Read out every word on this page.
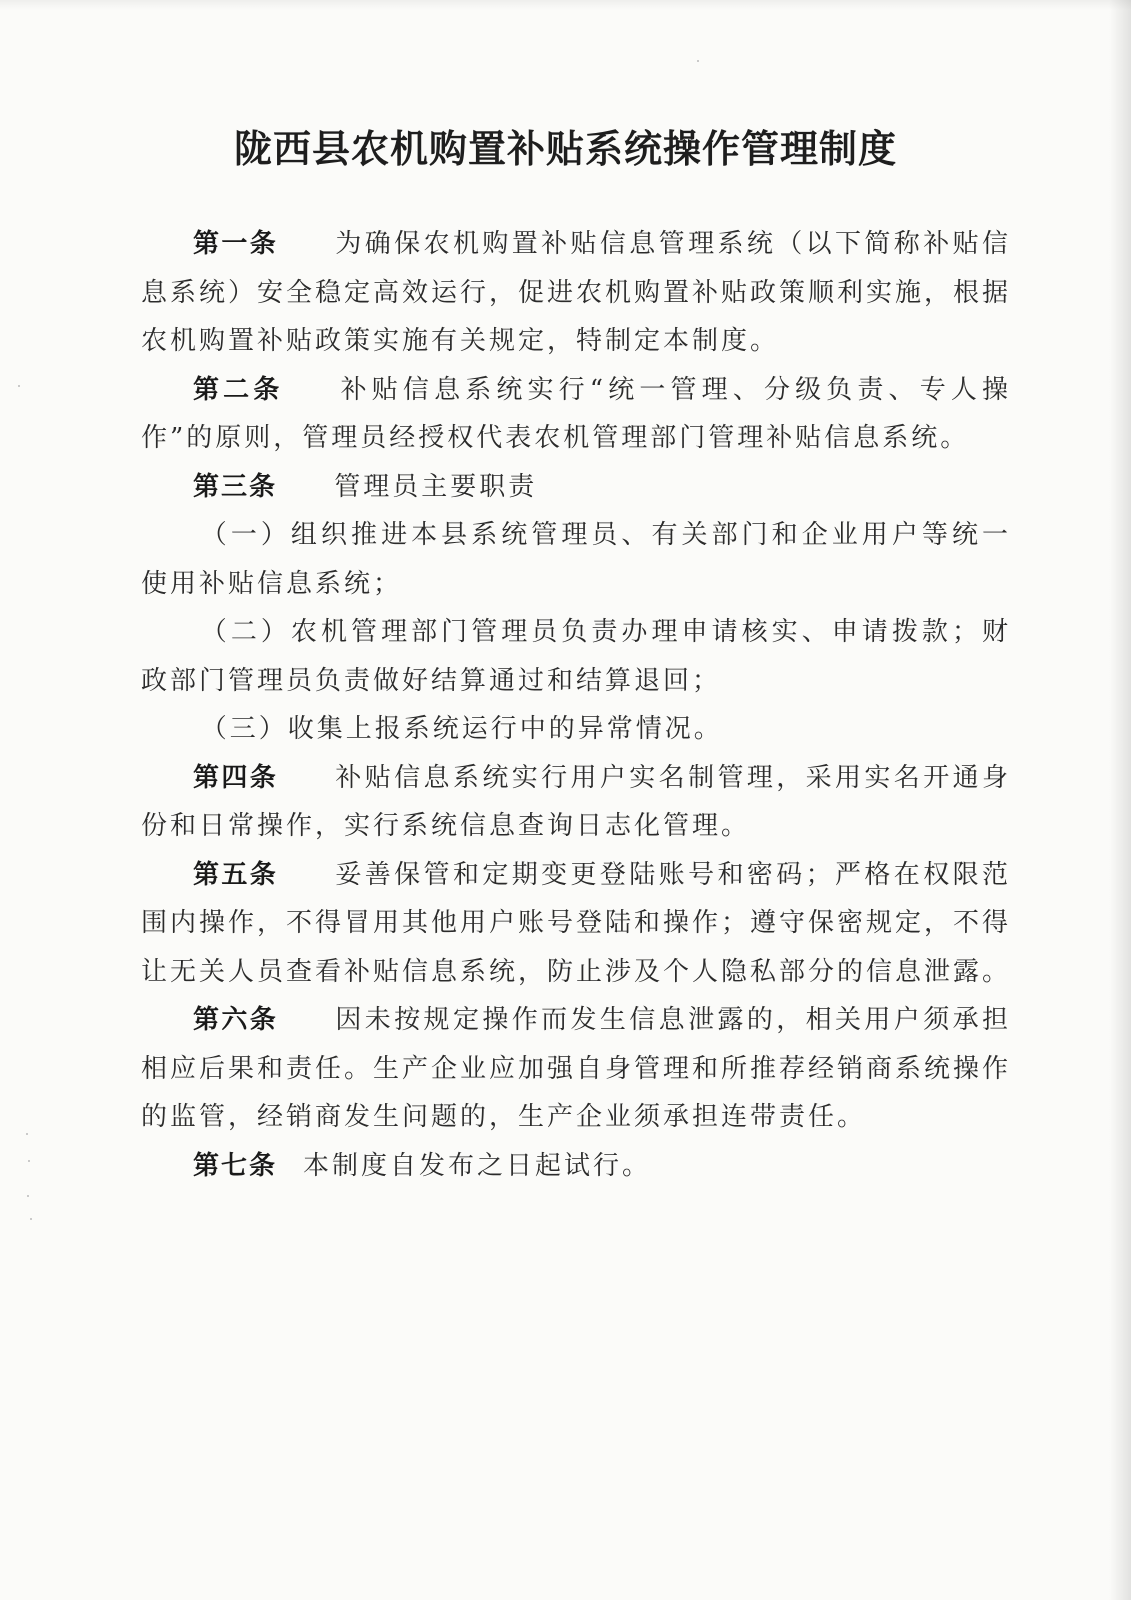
陇西县农机购置补贴系统操作管理制度

第一条 为确保农机购置补贴信息管理系统（以下简称补贴信息系统）安全稳定高效运行，促进农机购置补贴政策顺利实施，根据农机购置补贴政策实施有关规定，特制定本制度。

第二条 补贴信息系统实行“统一管理、分级负责、专人操作”的原则，管理员经授权代表农机管理部门管理补贴信息系统。

第三条 管理员主要职责

（一）组织推进本县系统管理员、有关部门和企业用户等统一使用补贴信息系统；

（二）农机管理部门管理员负责办理申请核实、申请拨款；财政部门管理员负责做好结算通过和结算退回；

（三）收集上报系统运行中的异常情况。

第四条 补贴信息系统实行用户实名制管理，采用实名开通身份和日常操作，实行系统信息查询日志化管理。

第五条 妥善保管和定期变更登陆账号和密码；严格在权限范围内操作，不得冒用其他用户账号登陆和操作；遵守保密规定，不得让无关人员查看补贴信息系统，防止涉及个人隐私部分的信息泄露。

第六条 因未按规定操作而发生信息泄露的，相关用户须承担相应后果和责任。生产企业应加强自身管理和所推荐经销商系统操作的监管，经销商发生问题的，生产企业须承担连带责任。

第七条 本制度自发布之日起试行。
